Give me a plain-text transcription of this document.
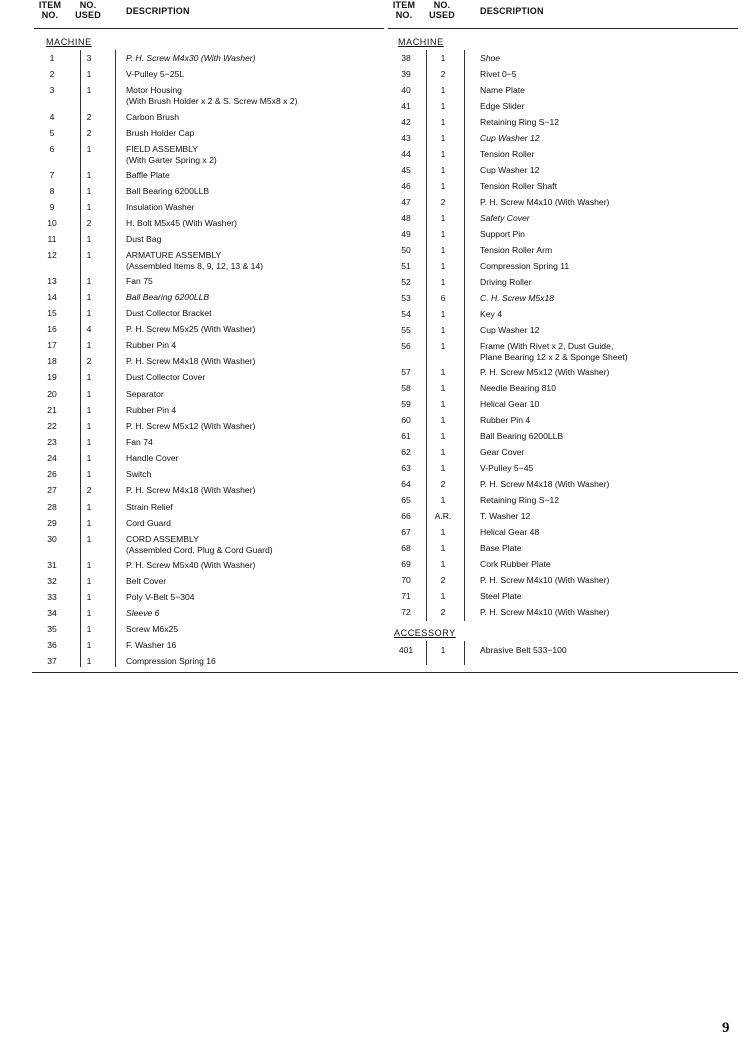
ITEM
NO.
NO.
USED	DESCRIPTION
MACHINE
1	3	P. H. Screw M4x30 (With Washer)
2	1	V-Pulley 5−25L
3	1	Motor Housing
(With Brush Holder x 2 & S. Screw M5x8 x 2)
4	2	Carbon Brush
5	2	Brush Holder Cap
6	1	FIELD ASSEMBLY
(With Garter Spring x 2)
7	1	Baffle Plate
8	1	Ball Bearing 6200LLB
9	1	Insulation Washer
10	2	H. Bolt M5x45 (With Washer)
11	1	Dust Bag
12	1	ARMATURE ASSEMBLY
(Assembled Items 8, 9, 12, 13 & 14)
13	1	Fan 75
14	1	Ball Bearing 6200LLB
15	1	Dust Collector Bracket
16	4	P. H. Screw M5x25 (With Washer)
17	1	Rubber Pin 4
18	2	P. H. Screw M4x18 (With Washer)
19	1	Dust Collector Cover
20	1	Separator
21	1	Rubber Pin 4
22	1	P. H. Screw M5x12 (With Washer)
23	1	Fan 74
24	1	Handle Cover
26	1	Switch
27	2	P. H. Screw M4x18 (With Washer)
28	1	Strain Relief
29	1	Cord Guard
30	1	CORD ASSEMBLY
(Assembled Cord, Plug & Cord Guard)
31	1	P. H. Screw M5x40 (With Washer)
32	1	Belt Cover
33	1	Poly V-Belt 5−304
34	1	Sleeve 6
35	1	Screw M6x25
36	1	F. Washer 16
37	1	Compression Spring 16
ITEM
NO.
NO.
USED	DESCRIPTION
MACHINE
38	1	Shoe
39	2	Rivet 0−5
40	1	Name Plate
41	1	Edge Slider
42	1	Retaining Ring S−12
43	1	Cup Washer 12
44	1	Tension Roller
45	1	Cup Washer 12
46	1	Tension Roller Shaft
47	2	P. H. Screw M4x10 (With Washer)
48	1	Safety Cover
49	1	Support Pin
50	1	Tension Roller Arm
51	1	Compression Spring 11
52	1	Driving Roller
53	6	C. H. Screw M5x18
54	1	Key 4
55	1	Cup Washer 12
56	1	Frame (With Rivet x 2, Dust Guide,
Plane Bearing 12 x 2 & Sponge Sheet)
57	1	P. H. Screw M5x12 (With Washer)
58	1	Needle Bearing 810
59	1	Helical Gear 10
60	1	Rubber Pin 4
61	1	Ball Bearing 6200LLB
62	1	Gear Cover
63	1	V-Pulley 5−45
64	2	P. H. Screw M4x18 (With Washer)
65	1	Retaining Ring S−12
66	A.R.	T. Washer 12
67	1	Helical Gear 48
68	1	Base Plate
69	1	Cork Rubber Plate
70	2	P. H. Screw M4x10 (With Washer)
71	1	Steel Plate
72	2	P. H. Screw M4x10 (With Washer)
ACCESSORY
401	1	Abrasive Belt 533−100
9
